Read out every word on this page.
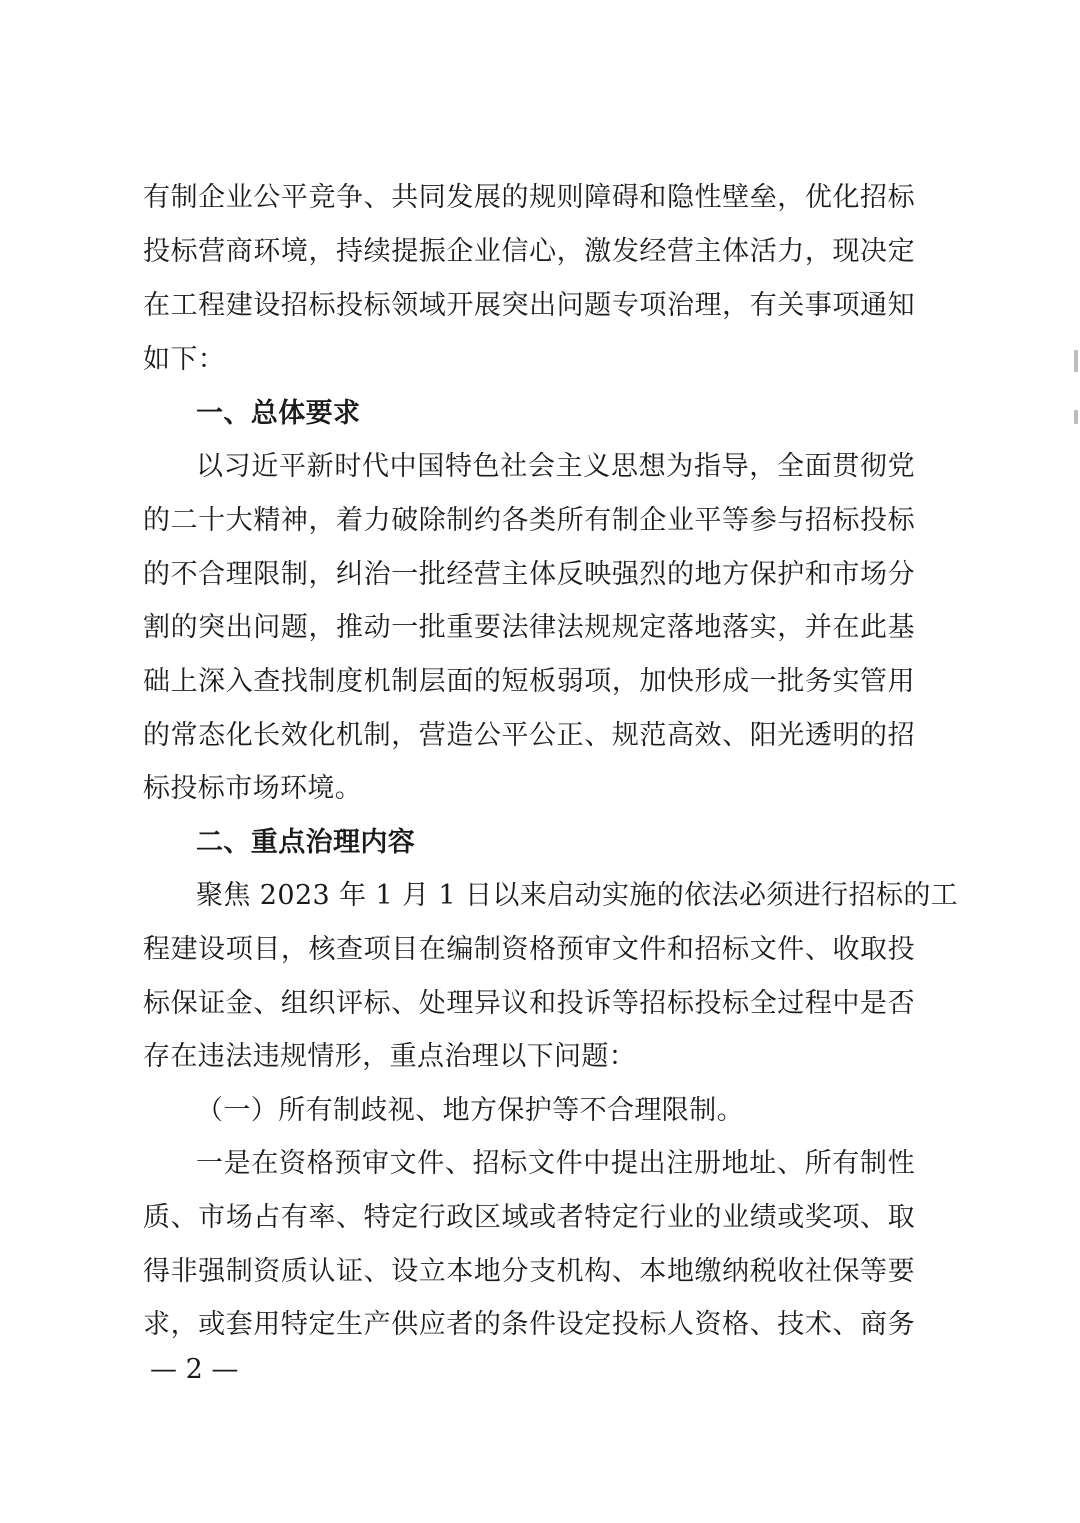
有制企业公平竞争、共同发展的规则障碍和隐性壁垒，优化招标
投标营商环境，持续提振企业信心，激发经营主体活力，现决定
在工程建设招标投标领域开展突出问题专项治理，有关事项通知
如下：
一、总体要求
以习近平新时代中国特色社会主义思想为指导，全面贯彻党
的二十大精神，着力破除制约各类所有制企业平等参与招标投标
的不合理限制，纠治一批经营主体反映强烈的地方保护和市场分
割的突出问题，推动一批重要法律法规规定落地落实，并在此基
础上深入查找制度机制层面的短板弱项，加快形成一批务实管用
的常态化长效化机制，营造公平公正、规范高效、阳光透明的招
标投标市场环境。
二、重点治理内容
聚焦 2023 年 1 月 1 日以来启动实施的依法必须进行招标的工
程建设项目，核查项目在编制资格预审文件和招标文件、收取投
标保证金、组织评标、处理异议和投诉等招标投标全过程中是否
存在违法违规情形，重点治理以下问题：
（一）所有制歧视、地方保护等不合理限制。
一是在资格预审文件、招标文件中提出注册地址、所有制性
质、市场占有率、特定行政区域或者特定行业的业绩或奖项、取
得非强制资质认证、设立本地分支机构、本地缴纳税收社保等要
求，或套用特定生产供应者的条件设定投标人资格、技术、商务
— 2 —
